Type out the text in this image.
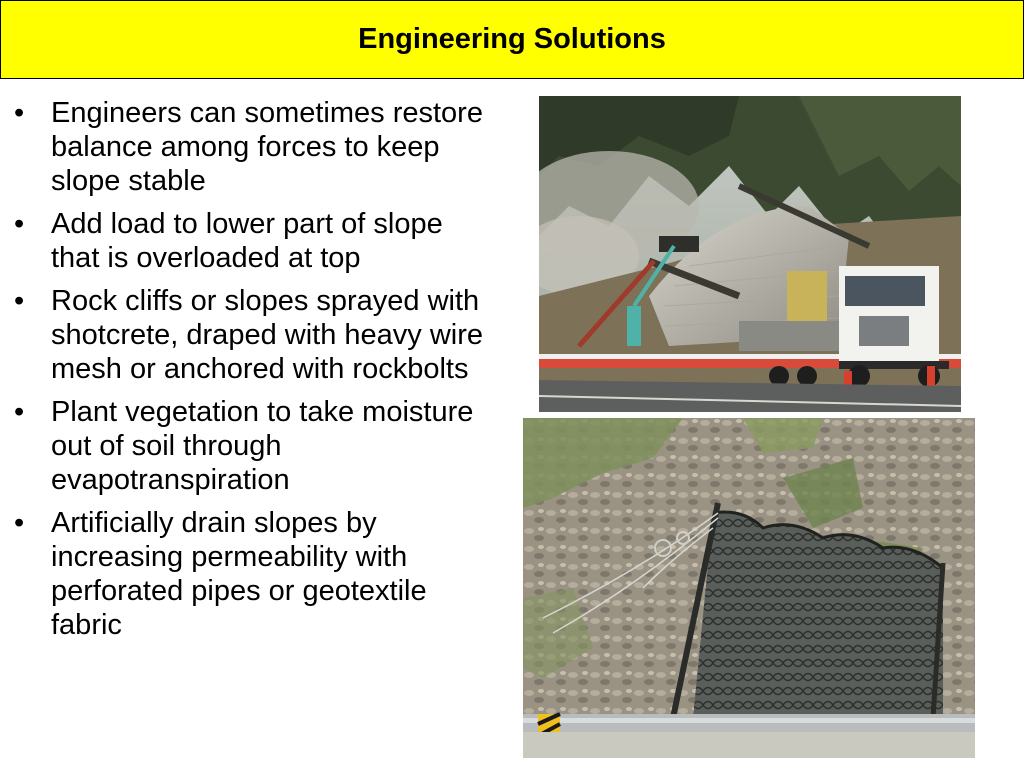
Engineering Solutions
• Engineers can sometimes restore balance among forces to keep slope stable
• Add load to lower part of slope that is overloaded at top
• Rock cliffs or slopes sprayed with shotcrete, draped with heavy wire mesh or anchored with rockbolts
• Plant vegetation to take moisture out of soil through evapotranspiration
• Artificially drain slopes by increasing permeability with perforated pipes or geotextile fabric
